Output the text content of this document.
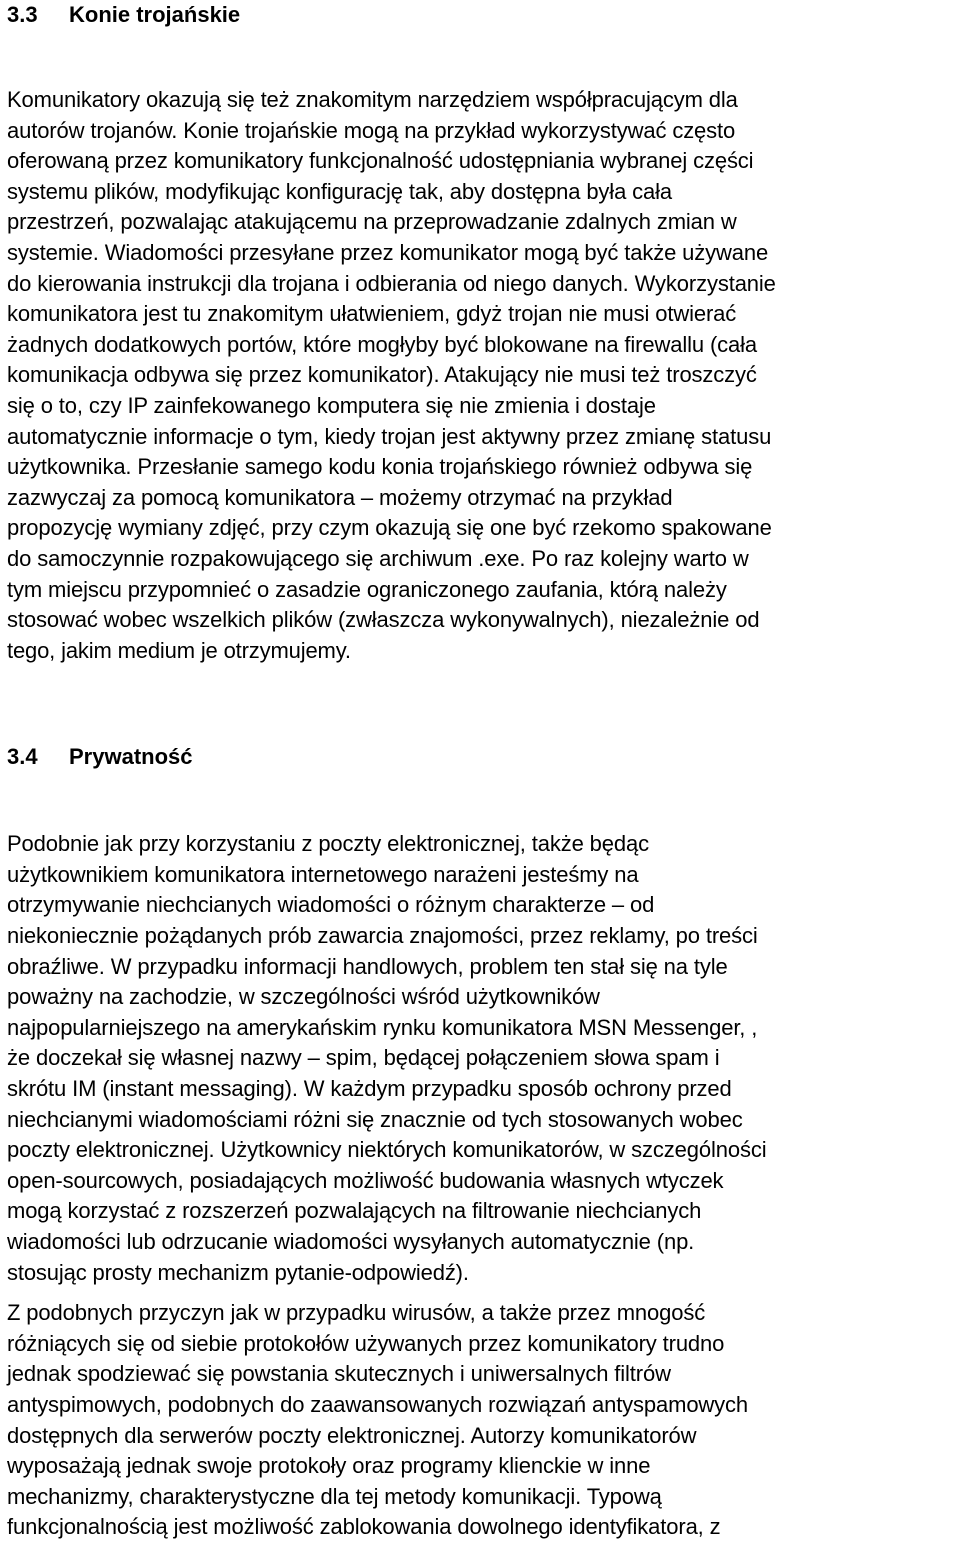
3.3 Konie trojańskie
Komunikatory okazują się też znakomitym narzędziem współpracującym dla
autorów trojanów. Konie trojańskie mogą na przykład wykorzystywać często
oferowaną przez komunikatory funkcjonalność udostępniania wybranej części
systemu plików, modyfikując konfigurację tak, aby dostępna była cała
przestrzeń, pozwalając atakującemu na przeprowadzanie zdalnych zmian w
systemie. Wiadomości przesyłane przez komunikator mogą być także używane
do kierowania instrukcji dla trojana i odbierania od niego danych. Wykorzystanie
komunikatora jest tu znakomitym ułatwieniem, gdyż trojan nie musi otwierać
żadnych dodatkowych portów, które mogłyby być blokowane na firewallu (cała
komunikacja odbywa się przez komunikator). Atakujący nie musi też troszczyć
się o to, czy IP zainfekowanego komputera się nie zmienia i dostaje
automatycznie informacje o tym, kiedy trojan jest aktywny przez zmianę statusu
użytkownika. Przesłanie samego kodu konia trojańskiego również odbywa się
zazwyczaj za pomocą komunikatora – możemy otrzymać na przykład
propozycję wymiany zdjęć, przy czym okazują się one być rzekomo spakowane
do samoczynnie rozpakowującego się archiwum .exe. Po raz kolejny warto w
tym miejscu przypomnieć o zasadzie ograniczonego zaufania, którą należy
stosować wobec wszelkich plików (zwłaszcza wykonywalnych), niezależnie od
tego, jakim medium je otrzymujemy.
3.4 Prywatność
Podobnie jak przy korzystaniu z poczty elektronicznej, także będąc
użytkownikiem komunikatora internetowego narażeni jesteśmy na
otrzymywanie niechcianych wiadomości o różnym charakterze – od
niekoniecznie pożądanych prób zawarcia znajomości, przez reklamy, po treści
obraźliwe. W przypadku informacji handlowych, problem ten stał się na tyle
poważny na zachodzie, w szczególności wśród użytkowników
najpopularniejszego na amerykańskim rynku komunikatora MSN Messenger, ,
że doczekał się własnej nazwy – spim, będącej połączeniem słowa spam i
skrótu IM (instant messaging). W każdym przypadku sposób ochrony przed
niechcianymi wiadomościami różni się znacznie od tych stosowanych wobec
poczty elektronicznej. Użytkownicy niektórych komunikatorów, w szczególności
open-sourcowych, posiadających możliwość budowania własnych wtyczek
mogą korzystać z rozszerzeń pozwalających na filtrowanie niechcianych
wiadomości lub odrzucanie wiadomości wysyłanych automatycznie (np.
stosując prosty mechanizm pytanie-odpowiedź).
Z podobnych przyczyn jak w przypadku wirusów, a także przez mnogość
różniących się od siebie protokołów używanych przez komunikatory trudno
jednak spodziewać się powstania skutecznych i uniwersalnych filtrów
antyspimowych, podobnych do zaawansowanych rozwiązań antyspamowych
dostępnych dla serwerów poczty elektronicznej. Autorzy komunikatorów
wyposażają jednak swoje protokoły oraz programy klienckie w inne
mechanizmy, charakterystyczne dla tej metody komunikacji. Typową
funkcjonalnością jest możliwość zablokowania dowolnego identyfikatora, z
